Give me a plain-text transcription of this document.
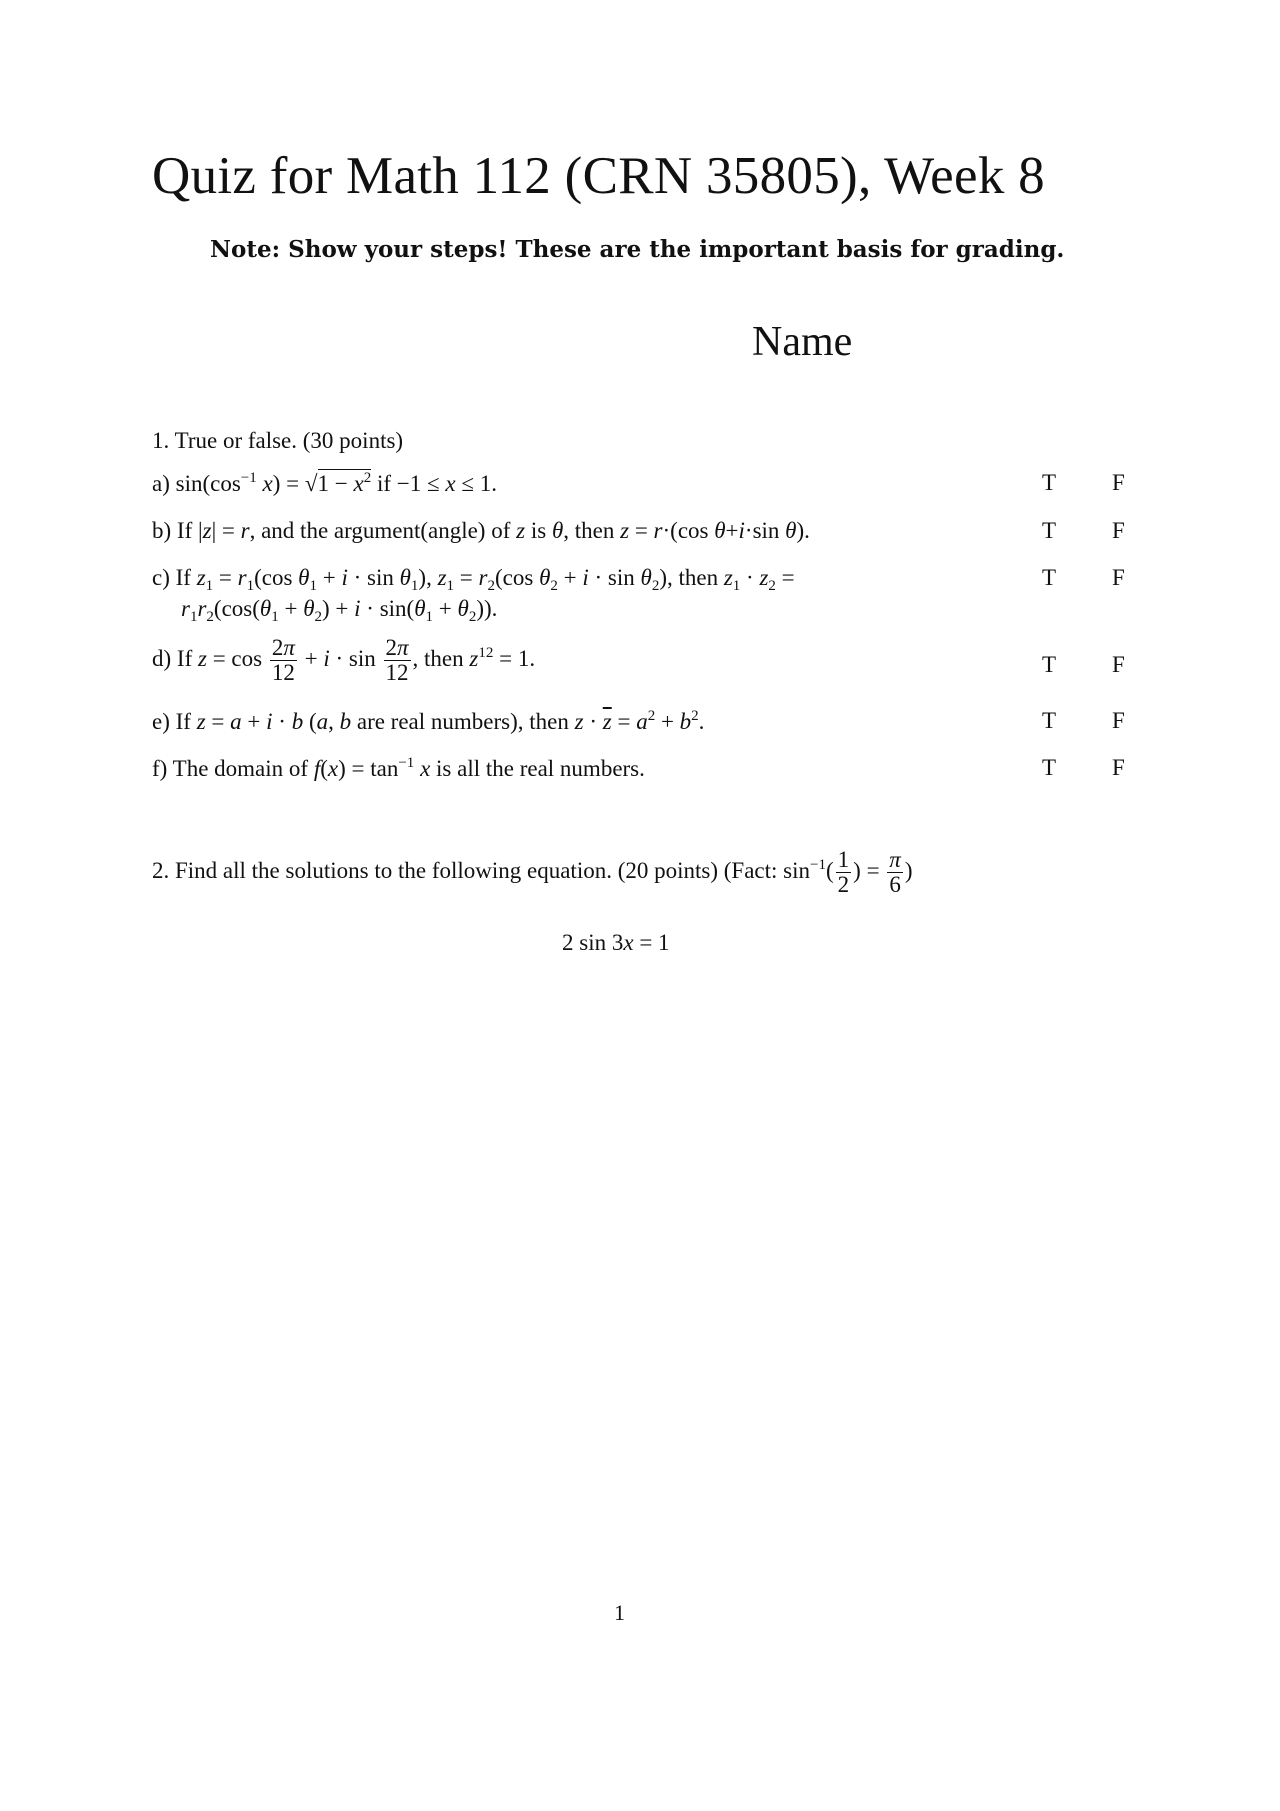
Quiz for Math 112 (CRN 35805), Week 8
Note: Show your steps! These are the important basis for grading.
Name
1. True or false. (30 points)
a) $\sin(\cos^{-1}$ $x) = √1 - x^2$ if −1 ≤ x ≤ 1.	T F
b) If |z| = r, and the argument(angle) of z is θ, then z = r·(cos θ+i·sin θ).	T F
c) If $z_1 = r_1(\cos$ $\theta_1 + i \cdot \sin \theta_1$), $z_1 = r_2(\cos$ $\theta_2 + i \cdot \sin \theta_2$), then $z_1 \cdot z_2$ =
$r_1r_2(\cos(\theta_1 + \theta_2) + i \cdot \sin(\theta_1 + \theta_2))$.
T F
d) If $z = \cos \frac{2\pi}{12} + i \cdot \sin \frac{2\pi}{12}$ , then $z^{12} = 1$.	T F
e) If z = a + i · b (a, b are real numbers), then $z \cdot \overline{z} = a^2 + b^2$.	T F
f) The domain of $f(x) = \tan^{-1} x$ is all the real numbers.	T F
2. Find all the solutions to the following equation. (20 points) (Fact: $\sin^{-1}( \frac{1}{2}$ ) = $\frac{\pi}{6}$ )
2 sin 3x = 1
1
